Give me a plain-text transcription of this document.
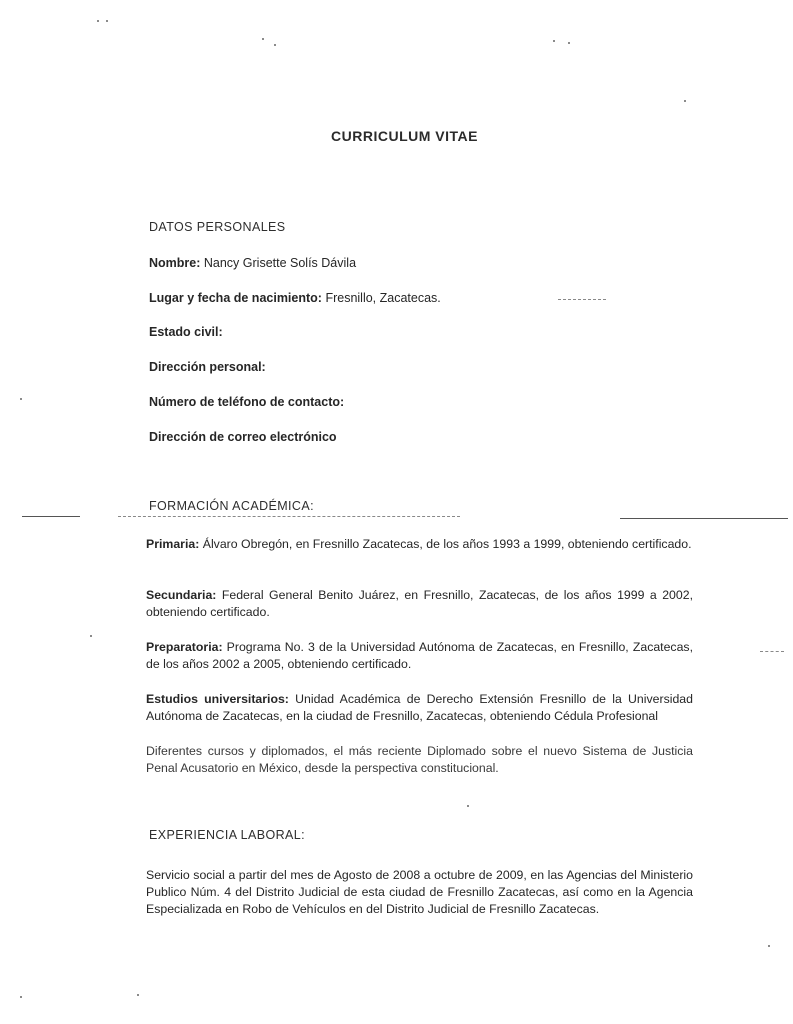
CURRICULUM VITAE
DATOS PERSONALES
Nombre: Nancy Grisette Solís Dávila
Lugar y fecha de nacimiento: Fresnillo, Zacatecas.
Estado civil:
Dirección personal:
Número de teléfono de contacto:
Dirección de correo electrónico
FORMACIÓN ACADÉMICA:
Primaria: Álvaro Obregón, en Fresnillo Zacatecas, de los años 1993 a 1999, obteniendo certificado.
Secundaria: Federal General Benito Juárez, en Fresnillo, Zacatecas, de los años 1999 a 2002, obteniendo certificado.
Preparatoria: Programa No. 3 de la Universidad Autónoma de Zacatecas, en Fresnillo, Zacatecas, de los años 2002 a 2005, obteniendo certificado.
Estudios universitarios: Unidad Académica de Derecho Extensión Fresnillo de la Universidad Autónoma de Zacatecas, en la ciudad de Fresnillo, Zacatecas, obteniendo Cédula Profesional
Diferentes cursos y diplomados, el más reciente Diplomado sobre el nuevo Sistema de Justicia Penal Acusatorio en México, desde la perspectiva constitucional.
EXPERIENCIA LABORAL:
Servicio social a partir del mes de Agosto de 2008 a octubre de 2009, en las Agencias del Ministerio Publico Núm. 4 del Distrito Judicial de esta ciudad de Fresnillo Zacatecas, así como en la Agencia Especializada en Robo de Vehículos en del Distrito Judicial de Fresnillo Zacatecas.
